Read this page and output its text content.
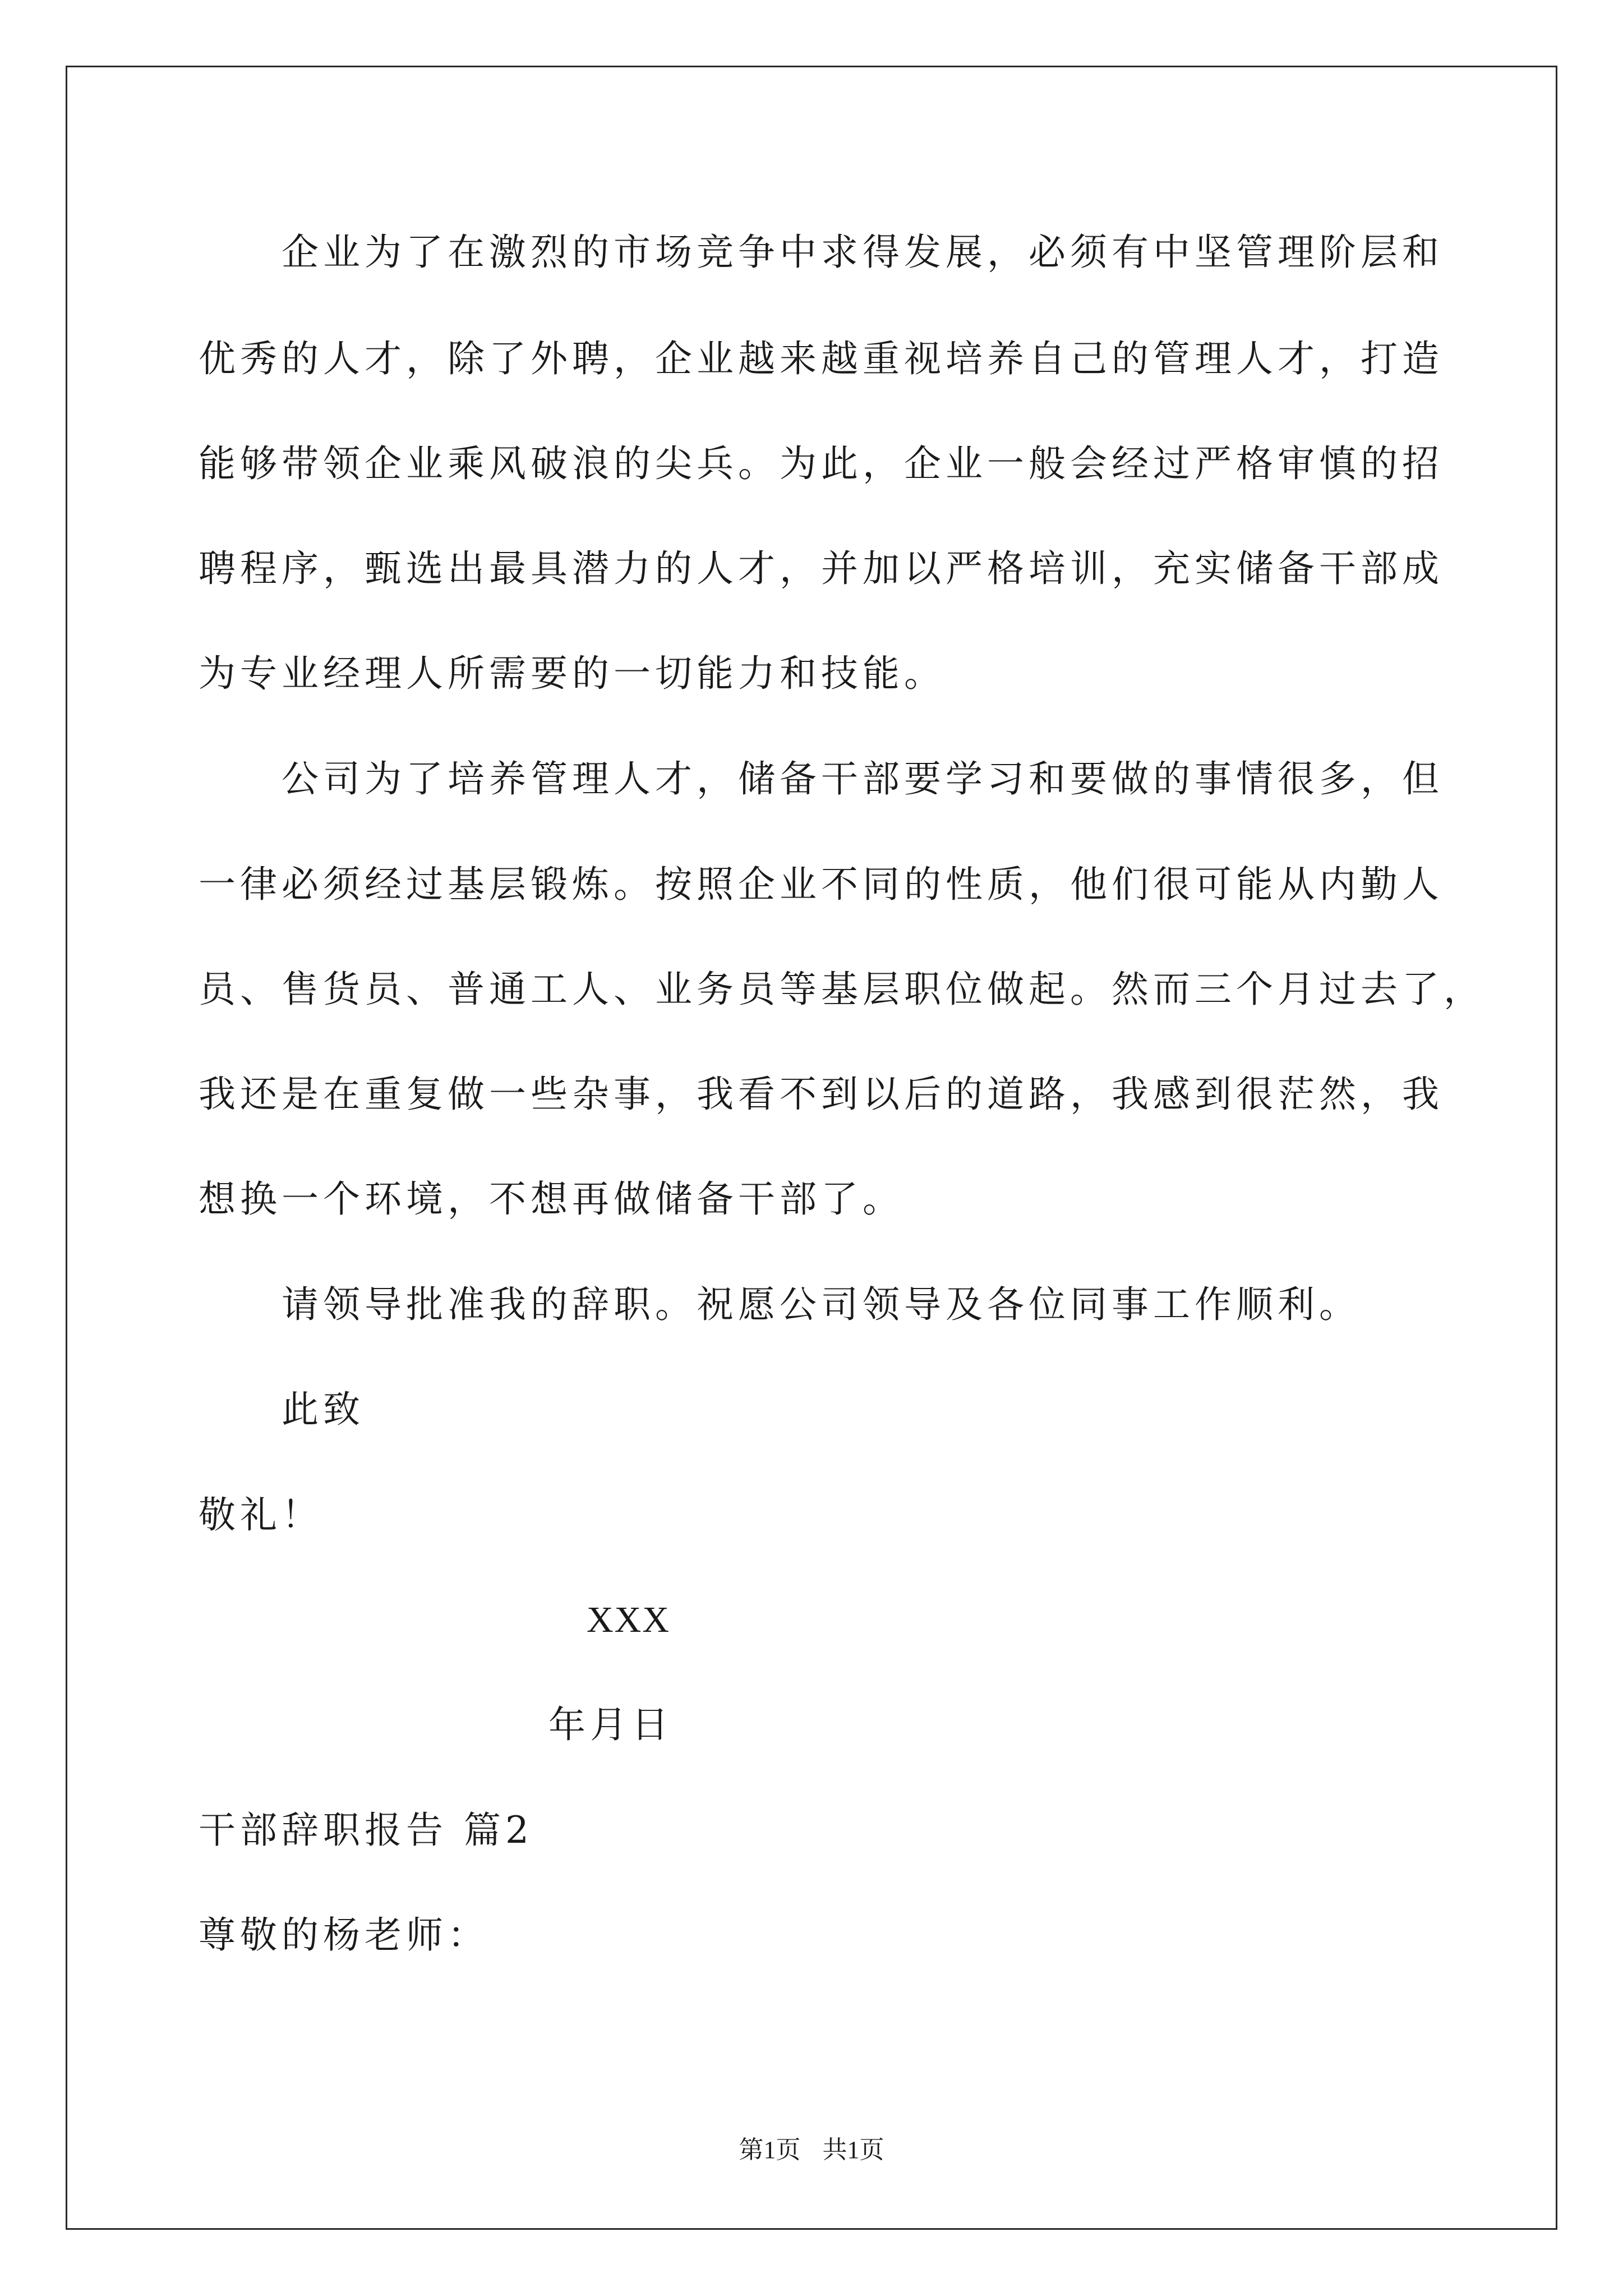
企业为了在激烈的市场竞争中求得发展，必须有中坚管理阶层和
优秀的人才，除了外聘，企业越来越重视培养自己的管理人才，打造
能够带领企业乘风破浪的尖兵。为此，企业一般会经过严格审慎的招
聘程序，甄选出最具潜力的人才，并加以严格培训，充实储备干部成
为专业经理人所需要的一切能力和技能。
公司为了培养管理人才，储备干部要学习和要做的事情很多，但
一律必须经过基层锻炼。按照企业不同的性质，他们很可能从内勤人
员、售货员、普通工人、业务员等基层职位做起。然而三个月过去了，
我还是在重复做一些杂事，我看不到以后的道路，我感到很茫然，我
想换一个环境，不想再做储备干部了。
请领导批准我的辞职。祝愿公司领导及各位同事工作顺利。
此致
敬礼！
XXX
年月日
干部辞职报告 篇2
尊敬的杨老师：
第1页 共1页
